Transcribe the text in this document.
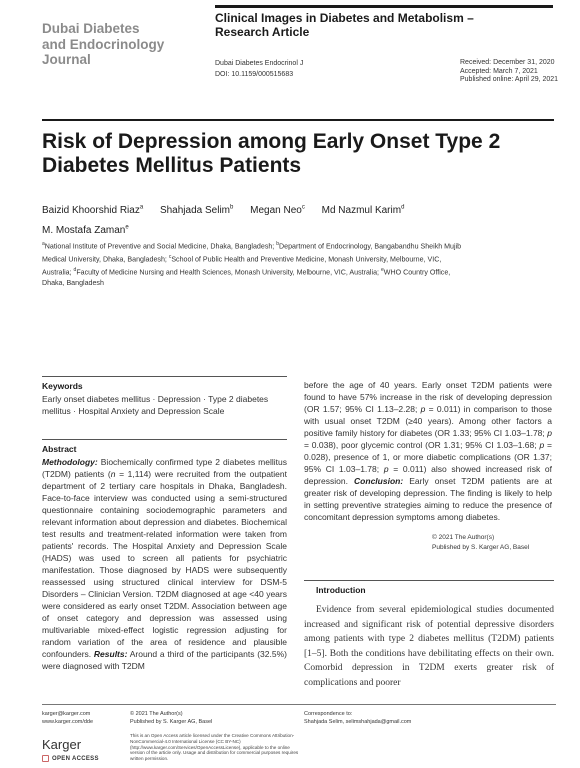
Dubai Diabetes
and Endocrinology
Journal
Clinical Images in Diabetes and Metabolism –
Research Article
Dubai Diabetes Endocrinol J
DOI: 10.1159/000515683
Received: December 31, 2020
Accepted: March 7, 2021
Published online: April 29, 2021
Risk of Depression among Early Onset Type 2 Diabetes Mellitus Patients
Baizid Khoorshid Riaz$^a$ Shahjada Selim$^b$ Megan Neo$^c$ Md Nazmul Karim$^d$
M. Mostafa Zaman$^e$
$^a$National Institute of Preventive and Social Medicine, Dhaka, Bangladesh; $^b$Department of Endocrinology, Bangabandhu Sheikh Mujib Medical University, Dhaka, Bangladesh; $^c$School of Public Health and Preventive Medicine, Monash University, Melbourne, VIC, Australia; $^d$Faculty of Medicine Nursing and Health Sciences, Monash University, Melbourne, VIC, Australia; $^e$WHO Country Office, Dhaka, Bangladesh
Keywords
Early onset diabetes mellitus · Depression · Type 2 diabetes mellitus · Hospital Anxiety and Depression Scale
Abstract
Methodology: Biochemically confirmed type 2 diabetes mellitus (T2DM) patients (n = 1,114) were recruited from the outpatient department of 2 tertiary care hospitals in Dhaka, Bangladesh. Face-to-face interview was conducted using a semi-structured questionnaire containing sociodemographic parameters and relevant information about depression and diabetes. Biochemical test results and treatment-related information were taken from patients' records. The Hospital Anxiety and Depression Scale (HADS) was used to screen all patients for psychiatric manifestation. Those diagnosed by HADS were subsequently reassessed using structured clinical interview for DSM-5 Disorders – Clinician Version. T2DM diagnosed at age <40 years were considered as early onset T2DM. Association between age of onset category and depression was assessed using multivariable mixed-effect logistic regression adjusting for random variation of the area of residence and plausible confounders. Results: Around a third of the participants (32.5%) were diagnosed with T2DM
before the age of 40 years. Early onset T2DM patients were found to have 57% increase in the risk of developing depression (OR 1.57; 95% CI 1.13–2.28; p = 0.011) in comparison to those with usual onset T2DM (≥40 years). Among other factors a positive family history for diabetes (OR 1.33; 95% CI 1.03–1.78; p = 0.038), poor glycemic control (OR 1.31; 95% CI 1.03–1.68; p = 0.028), presence of 1, or more diabetic complications (OR 1.37; 95% CI 1.03–1.78; p = 0.011) also showed increased risk of depression. Conclusion: Early onset T2DM patients are at greater risk of developing depression. The finding is likely to help in setting preventive strategies aiming to reduce the presence of concomitant depression symptoms among diabetes.
© 2021 The Author(s)
Published by S. Karger AG, Basel
Introduction
Evidence from several epidemiological studies documented increased and significant risk of potential depressive disorders among patients with type 2 diabetes mellitus (T2DM) patients [1–5]. Both the conditions have debilitating effects on their own. Comorbid depression in T2DM exerts greater risk of complications and poorer
karger@karger.com
www.karger.com/dde
Karger
OPEN ACCESS
© 2021 The Author(s)
Published by S. Karger AG, Basel
This is an Open Access article licensed under the Creative Commons Attribution-NonCommercial-4.0 International License (CC BY-NC) (http://www.karger.com/Services/OpenAccessLicense), applicable to the online version of the article only. Usage and distribution for commercial purposes requires written permission.
Correspondence to:
Shahjada Selim, selimshahjada@gmail.com
